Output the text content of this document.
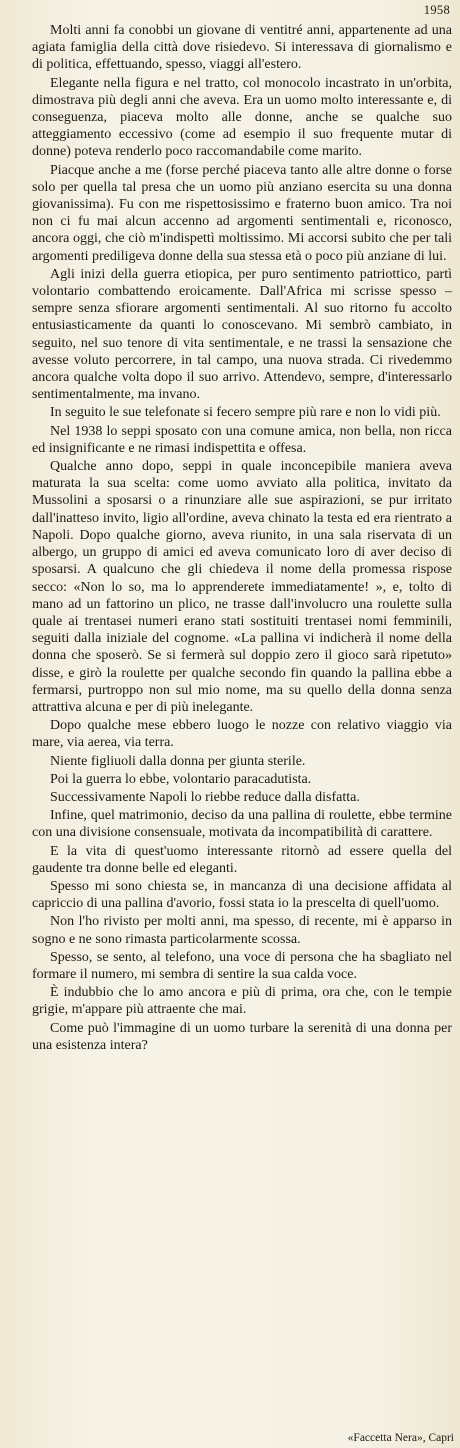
1958

Molti anni fa conobbi un giovane di ventitré anni, appartenente ad una agiata famiglia della città dove risiedevo. Si interessava di giornalismo e di politica, effettuando, spesso, viaggi all'estero.

Elegante nella figura e nel tratto, col monocolo incastrato in un'orbita, dimostrava più degli anni che aveva. Era un uomo molto interessante e, di conseguenza, piaceva molto alle donne, anche se qualche suo atteggiamento eccessivo (come ad esempio il suo frequente mutar di donne) poteva renderlo poco raccomandabile come marito.

Piacque anche a me (forse perché piaceva tanto alle altre donne o forse solo per quella tal presa che un uomo più anziano esercita su una donna giovanissima). Fu con me rispettosissimo e fraterno buon amico. Tra noi non ci fu mai alcun accenno ad argomenti sentimentali e, riconosco, ancora oggi, che ciò m'indispettì moltissimo. Mi accorsi subito che per tali argomenti prediligeva donne della sua stessa età o poco più anziane di lui.

Agli inizi della guerra etiopica, per puro sentimento patriottico, partì volontario combattendo eroicamente. Dall'Africa mi scrisse spesso – sempre senza sfiorare argomenti sentimentali. Al suo ritorno fu accolto entusiasticamente da quanti lo conoscevano. Mi sembrò cambiato, in seguito, nel suo tenore di vita sentimentale, e ne trassi la sensazione che avesse voluto percorrere, in tal campo, una nuova strada. Ci rivedemmo ancora qualche volta dopo il suo arrivo. Attendevo, sempre, d'interessarlo sentimentalmente, ma invano.

In seguito le sue telefonate si fecero sempre più rare e non lo vidi più.

Nel 1938 lo seppi sposato con una comune amica, non bella, non ricca ed insignificante e ne rimasi indispettita e offesa.

Qualche anno dopo, seppi in quale inconcepibile maniera aveva maturata la sua scelta: come uomo avviato alla politica, invitato da Mussolini a sposarsi o a rinunziare alle sue aspirazioni, se pur irritato dall'inatteso invito, ligio all'ordine, aveva chinato la testa ed era rientrato a Napoli. Dopo qualche giorno, aveva riunito, in una sala riservata di un albergo, un gruppo di amici ed aveva comunicato loro di aver deciso di sposarsi. A qualcuno che gli chiedeva il nome della promessa rispose secco: «Non lo so, ma lo apprenderete immediatamente! », e, tolto di mano ad un fattorino un plico, ne trasse dall'involucro una roulette sulla quale ai trentasei numeri erano stati sostituiti trentasei nomi femminili, seguiti dalla iniziale del cognome. «La pallina vi indicherà il nome della donna che sposerò. Se si fermerà sul doppio zero il gioco sarà ripetuto» disse, e girò la roulette per qualche secondo fin quando la pallina ebbe a fermarsi, purtroppo non sul mio nome, ma su quello della donna senza attrattiva alcuna e per di più inelegante.

Dopo qualche mese ebbero luogo le nozze con relativo viaggio via mare, via aerea, via terra.

Niente figliuoli dalla donna per giunta sterile.

Poi la guerra lo ebbe, volontario paracadutista.

Successivamente Napoli lo riebbe reduce dalla disfatta.

Infine, quel matrimonio, deciso da una pallina di roulette, ebbe termine con una divisione consensuale, motivata da incompatibilità di carattere.

E la vita di quest'uomo interessante ritornò ad essere quella del gaudente tra donne belle ed eleganti.

Spesso mi sono chiesta se, in mancanza di una decisione affidata al capriccio di una pallina d'avorio, fossi stata io la prescelta di quell'uomo.

Non l'ho rivisto per molti anni, ma spesso, di recente, mi è apparso in sogno e ne sono rimasta particolarmente scossa.

Spesso, se sento, al telefono, una voce di persona che ha sbagliato nel formare il numero, mi sembra di sentire la sua calda voce.

È indubbio che lo amo ancora e più di prima, ora che, con le tempie grigie, m'appare più attraente che mai.

Come può l'immagine di un uomo turbare la serenità di una donna per una esistenza intera?

«Faccetta Nera», Capri
